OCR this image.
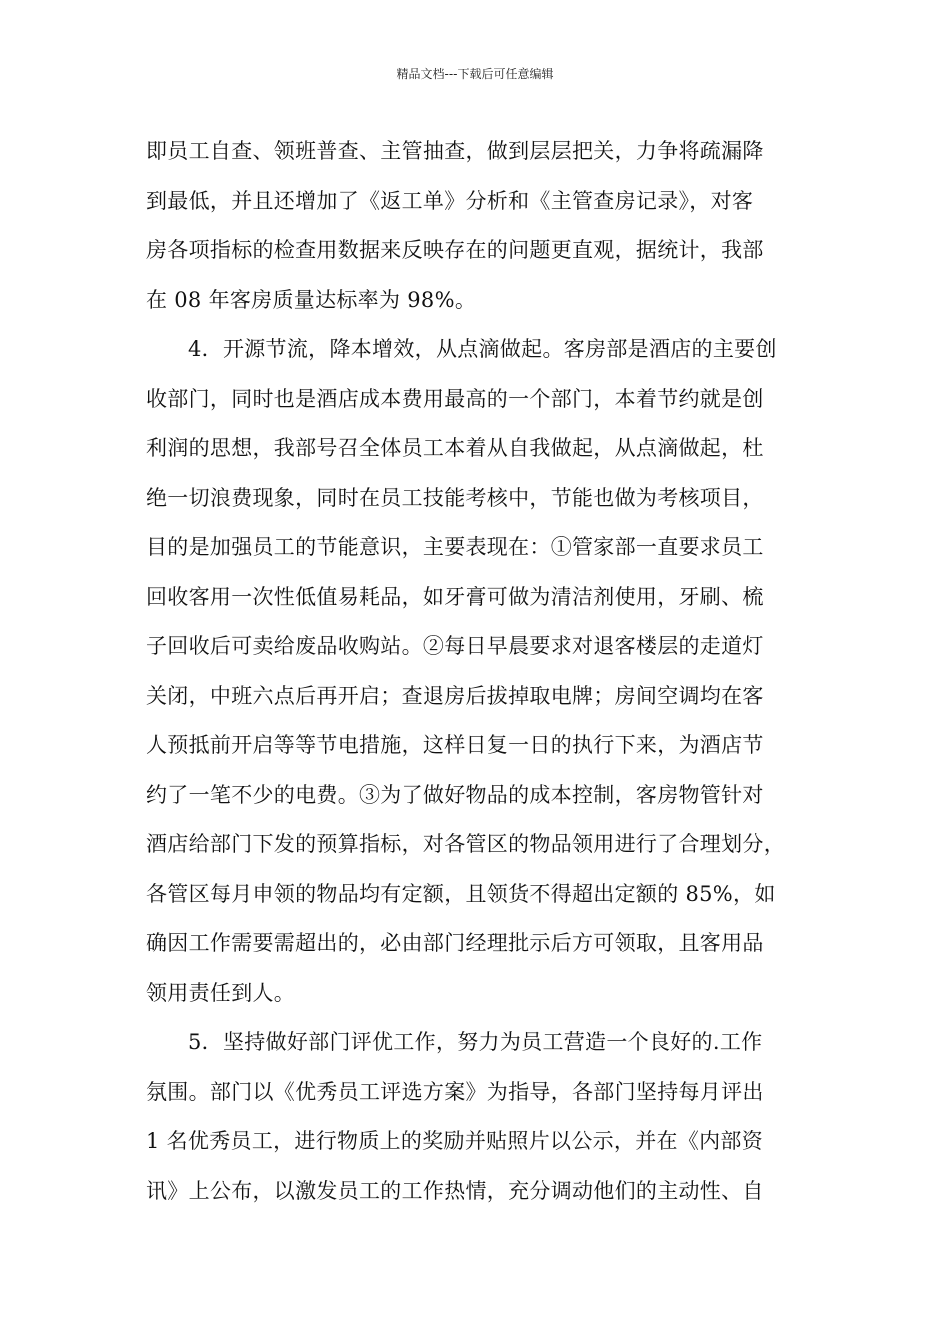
精品文档---下载后可任意编辑
即员工自查、领班普查、主管抽查，做到层层把关，力争将疏漏降
到最低，并且还增加了《返工单》分析和《主管查房记录》，对客
房各项指标的检查用数据来反映存在的问题更直观，据统计，我部
在 08 年客房质量达标率为 98%。
4．开源节流，降本增效，从点滴做起。客房部是酒店的主要创
收部门，同时也是酒店成本费用最高的一个部门，本着节约就是创
利润的思想，我部号召全体员工本着从自我做起，从点滴做起，杜
绝一切浪费现象，同时在员工技能考核中，节能也做为考核项目，
目的是加强员工的节能意识，主要表现在：①管家部一直要求员工
回收客用一次性低值易耗品，如牙膏可做为清洁剂使用，牙刷、梳
子回收后可卖给废品收购站。②每日早晨要求对退客楼层的走道灯
关闭，中班六点后再开启；查退房后拔掉取电牌；房间空调均在客
人预抵前开启等等节电措施，这样日复一日的执行下来，为酒店节
约了一笔不少的电费。③为了做好物品的成本控制，客房物管针对
酒店给部门下发的预算指标，对各管区的物品领用进行了合理划分，
各管区每月申领的物品均有定额，且领货不得超出定额的 85%，如
确因工作需要需超出的，必由部门经理批示后方可领取，且客用品
领用责任到人。
5．坚持做好部门评优工作，努力为员工营造一个良好的.工作
氛围。部门以《优秀员工评选方案》为指导，各部门坚持每月评出
1 名优秀员工，进行物质上的奖励并贴照片以公示，并在《内部资
讯》上公布，以激发员工的工作热情，充分调动他们的主动性、自
